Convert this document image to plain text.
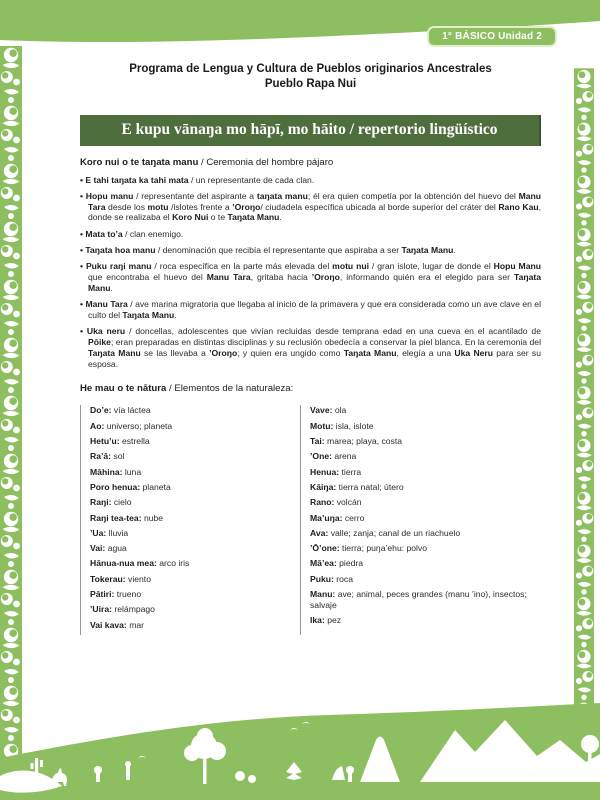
1° BÁSICO Unidad 2
Programa de Lengua y Cultura de Pueblos originarios Ancestrales
Pueblo Rapa Nui
E kupu vānaŋa mo hāpī, mo hāito / repertorio lingüístico
Koro nui o te taŋata manu / Ceremonia del hombre pájaro

• E tahi taŋata ka tahi mata / un representante de cada clan.

• Hopu manu / representante del aspirante a taŋata manu; él era quien competía por la obtención del huevo del Manu Tara desde los motu /islotes frente a ’Oroŋo/ ciudadela específica ubicada al borde superior del cráter del Rano Kau, donde se realizaba el Koro Nui o te Taŋata Manu.

• Mata to’a / clan enemigo.

• Taŋata hoa manu / denominación que recibía el representante que aspiraba a ser Taŋata Manu.

• Puku raŋi manu / roca específica en la parte más elevada del motu nui / gran islote, lugar de donde el Hopu Manu que encontraba el huevo del Manu Tara, gritaba hacia ’Oroŋo, informando quién era el elegido para ser Taŋata Manu.

• Manu Tara / ave marina migratoria que llegaba al inicio de la primavera y que era considerada como un ave clave en el culto del Taŋata Manu.

• Uka neru / doncellas, adolescentes que vivían recluidas desde temprana edad en una cueva en el acantilado de Pōike; eran preparadas en distintas disciplinas y su reclusión obedecía a conservar la piel blanca. En la ceremonia del Taŋata Manu se las llevaba a ’Oroŋo; y quien era ungido como Taŋata Manu, elegía a una Uka Neru para ser su esposa.

He mau o te nātura / Elementos de la naturaleza:
Do’e: vía láctea
Ao: universo; planeta
Hetu’u: estrella
Ra’ā: sol
Māhina: luna
Poro henua: planeta
Raŋi: cielo
Raŋi tea-tea: nube
’Ua: lluvia
Vai: agua
Hānua-nua mea: arco iris
Tokerau: viento
Pātiri: trueno
’Uira: relámpago
Vai kava: mar
Vave: ola
Motu: isla, islote
Tai: marea; playa, costa
’One: arena
Henua: tierra
Kāiŋa: tierra natal; útero
Rano: volcán
Ma’uŋa: cerro
Ava: valle; zanja; canal de un riachuelo
’Ō’one: tierra; puŋa’ehu: polvo
Mā’ea: piedra
Puku: roca
Manu: ave; animal, peces grandes (manu ’ino), insectos; salvaje
Ika: pez
